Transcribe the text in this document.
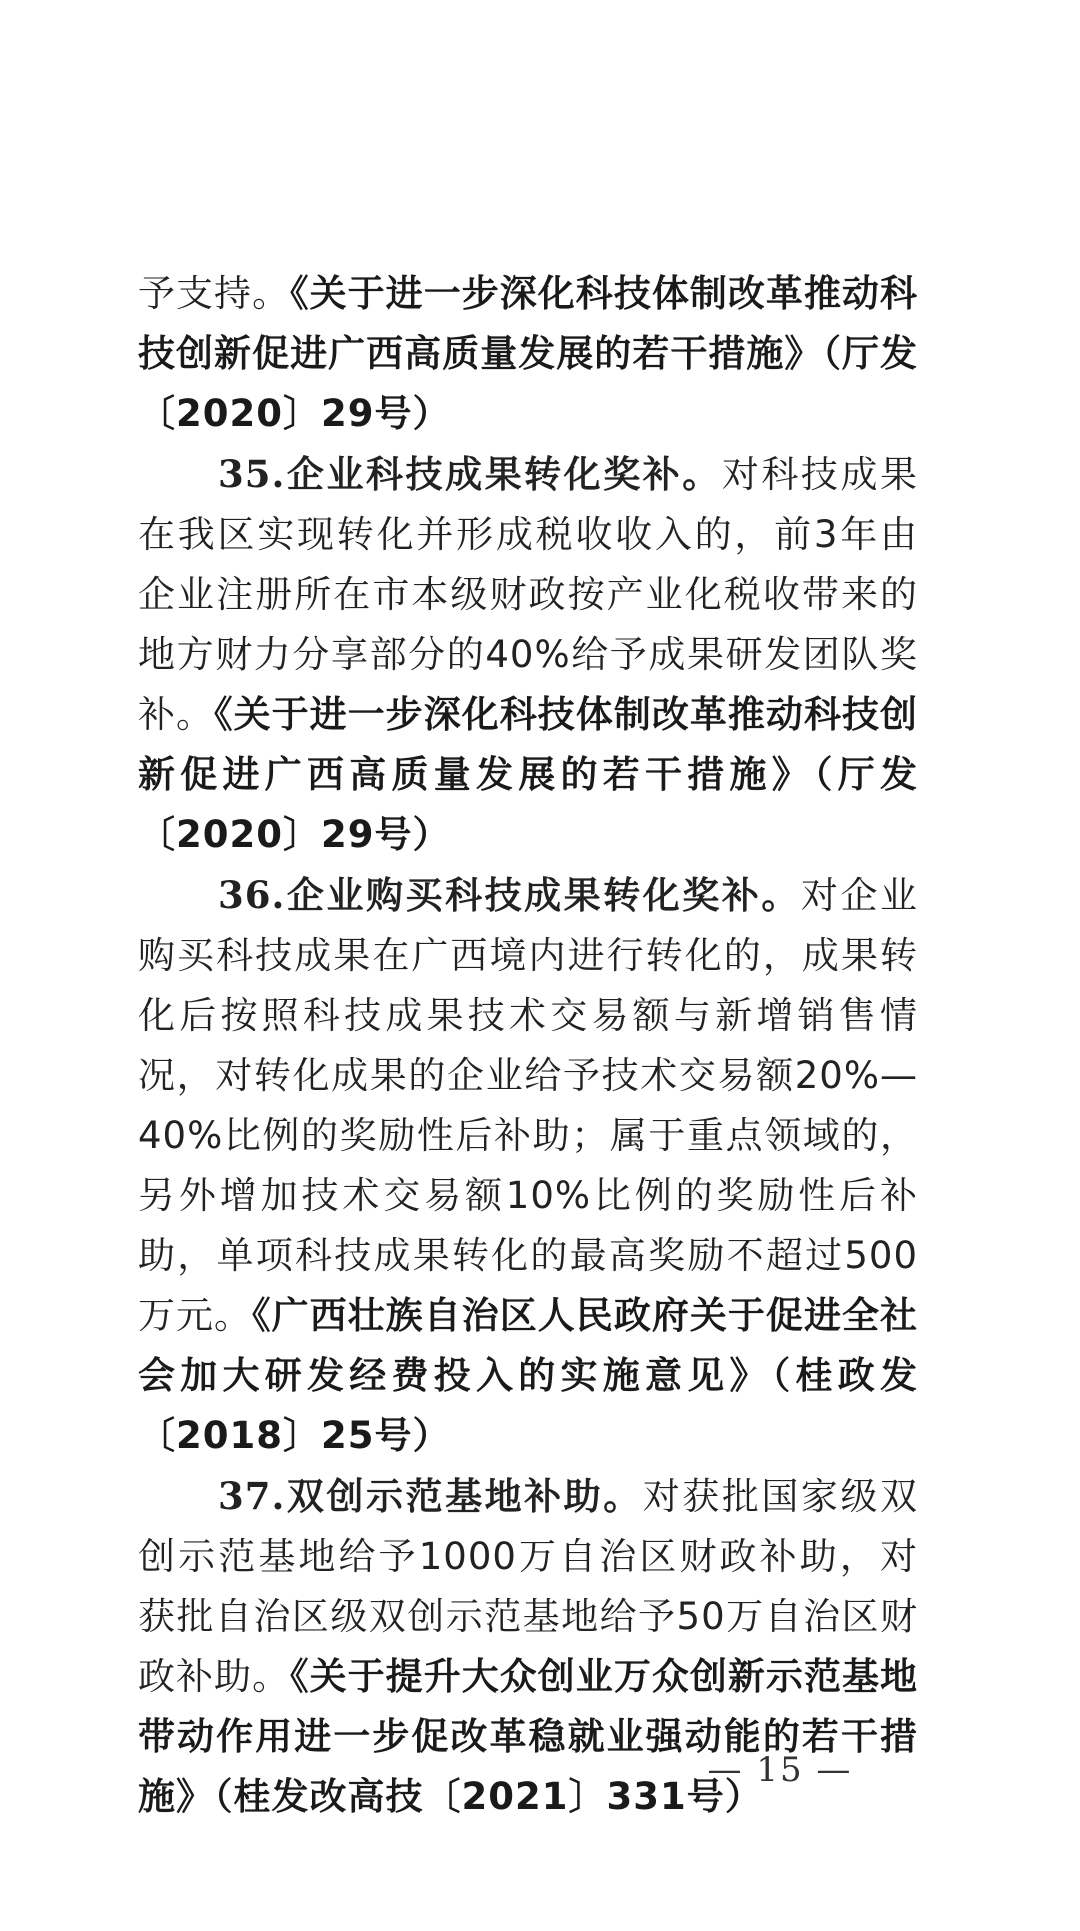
予支持。《关于进一步深化科技体制改革推动科技创新促进广西高质量发展的若干措施》（厅发〔2020〕29号）

35.企业科技成果转化奖补。对科技成果在我区实现转化并形成税收收入的，前3年由企业注册所在市本级财政按产业化税收带来的地方财力分享部分的40%给予成果研发团队奖补。《关于进一步深化科技体制改革推动科技创新促进广西高质量发展的若干措施》（厅发〔2020〕29号）

36.企业购买科技成果转化奖补。对企业购买科技成果在广西境内进行转化的，成果转化后按照科技成果技术交易额与新增销售情况，对转化成果的企业给予技术交易额20%—40%比例的奖励性后补助；属于重点领域的，另外增加技术交易额10%比例的奖励性后补助，单项科技成果转化的最高奖励不超过500万元。《广西壮族自治区人民政府关于促进全社会加大研发经费投入的实施意见》（桂政发〔2018〕25号）

37.双创示范基地补助。对获批国家级双创示范基地给予1000万自治区财政补助，对获批自治区级双创示范基地给予50万自治区财政补助。《关于提升大众创业万众创新示范基地带动作用进一步促改革稳就业强动能的若干措施》（桂发改高技〔2021〕331号）

— 15 —
